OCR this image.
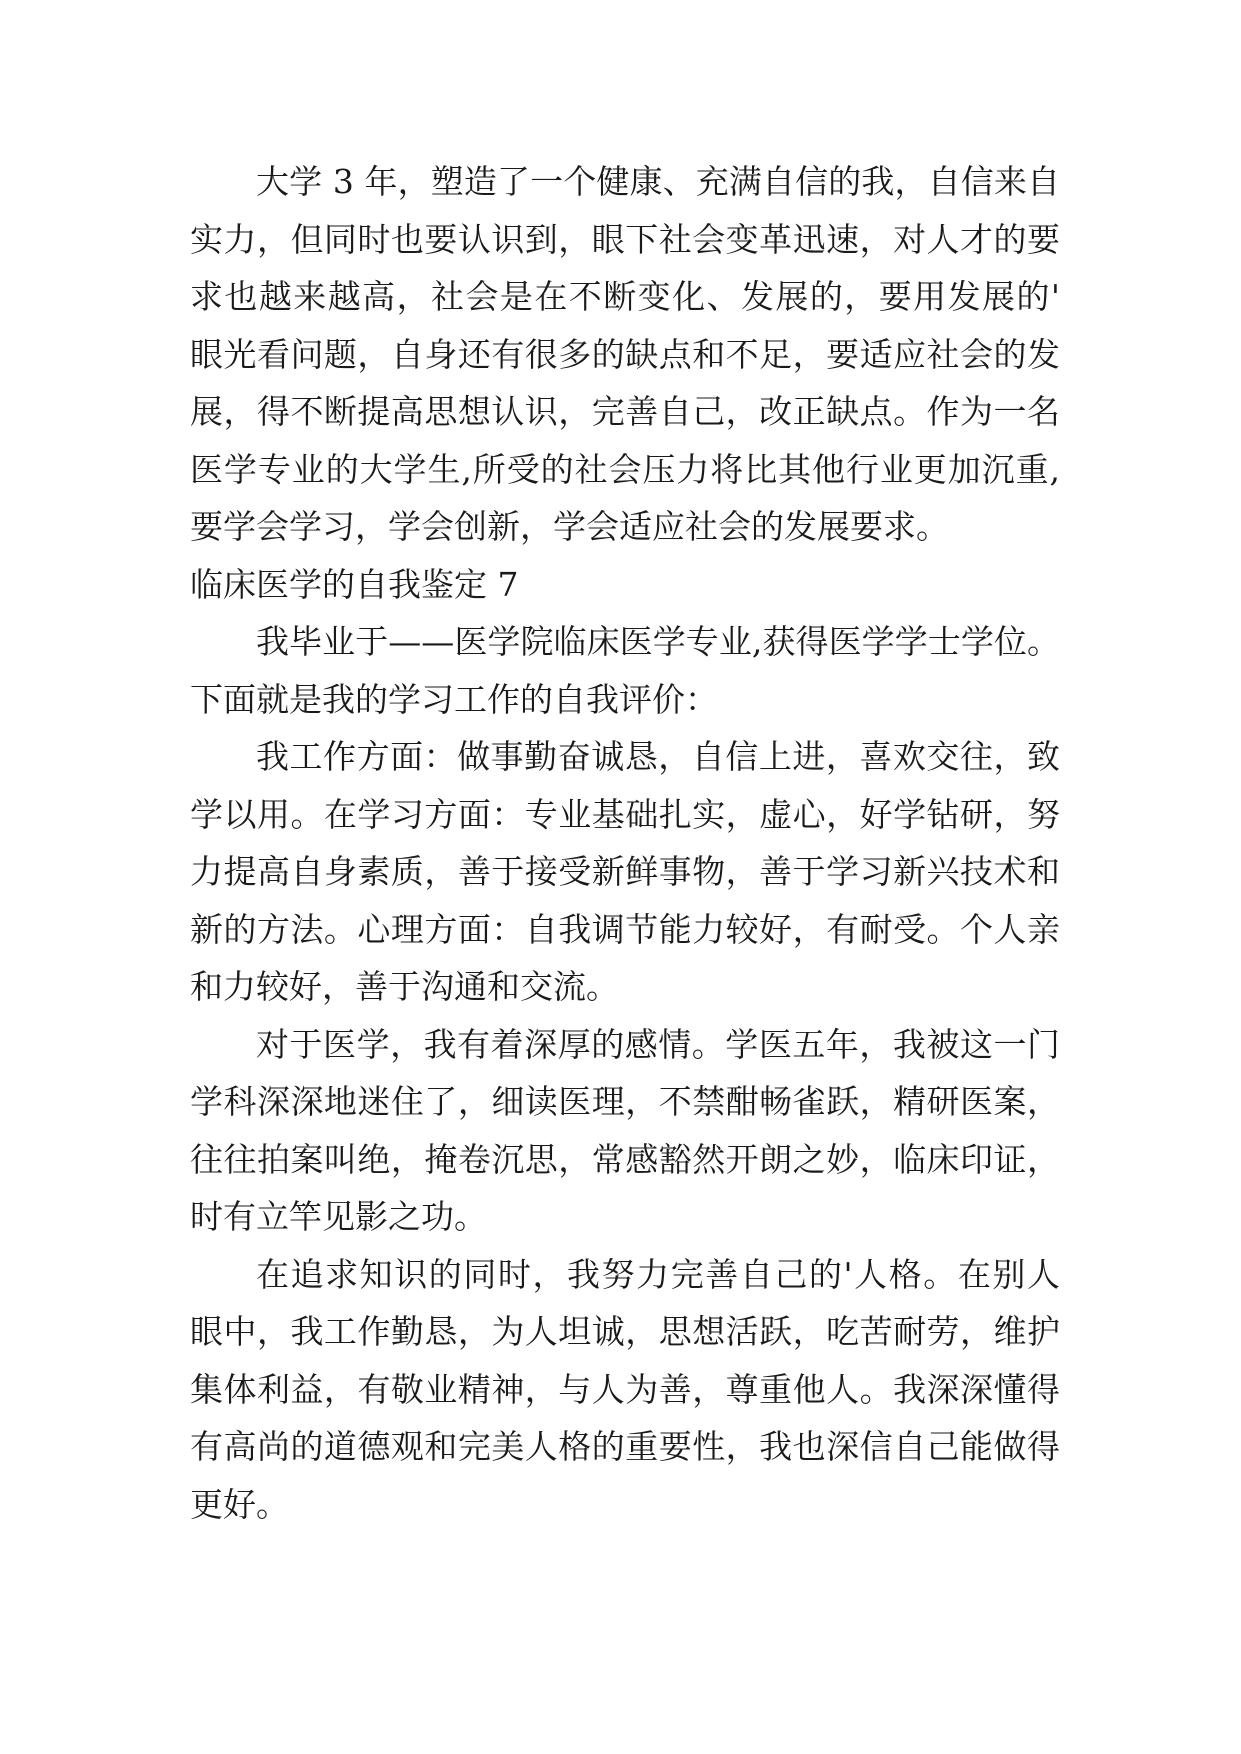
大学 3 年，塑造了一个健康、充满自信的我，自信来自
实力，但同时也要认识到，眼下社会变革迅速，对人才的要
求也越来越高，社会是在不断变化、发展的，要用发展的'
眼光看问题，自身还有很多的缺点和不足，要适应社会的发
展，得不断提高思想认识，完善自己，改正缺点。作为一名
医学专业的大学生,所受的社会压力将比其他行业更加沉重,
要学会学习，学会创新，学会适应社会的发展要求。
临床医学的自我鉴定 7
我毕业于——医学院临床医学专业,获得医学学士学位。
下面就是我的学习工作的自我评价：
我工作方面：做事勤奋诚恳，自信上进，喜欢交往，致
学以用。在学习方面：专业基础扎实，虚心，好学钻研，努
力提高自身素质，善于接受新鲜事物，善于学习新兴技术和
新的方法。心理方面：自我调节能力较好，有耐受。个人亲
和力较好，善于沟通和交流。
对于医学，我有着深厚的感情。学医五年，我被这一门
学科深深地迷住了，细读医理，不禁酣畅雀跃，精研医案，
往往拍案叫绝，掩卷沉思，常感豁然开朗之妙，临床印证，
时有立竿见影之功。
在追求知识的同时，我努力完善自己的'人格。在别人
眼中，我工作勤恳，为人坦诚，思想活跃，吃苦耐劳，维护
集体利益，有敬业精神，与人为善，尊重他人。我深深懂得
有高尚的道德观和完美人格的重要性，我也深信自己能做得
更好。
